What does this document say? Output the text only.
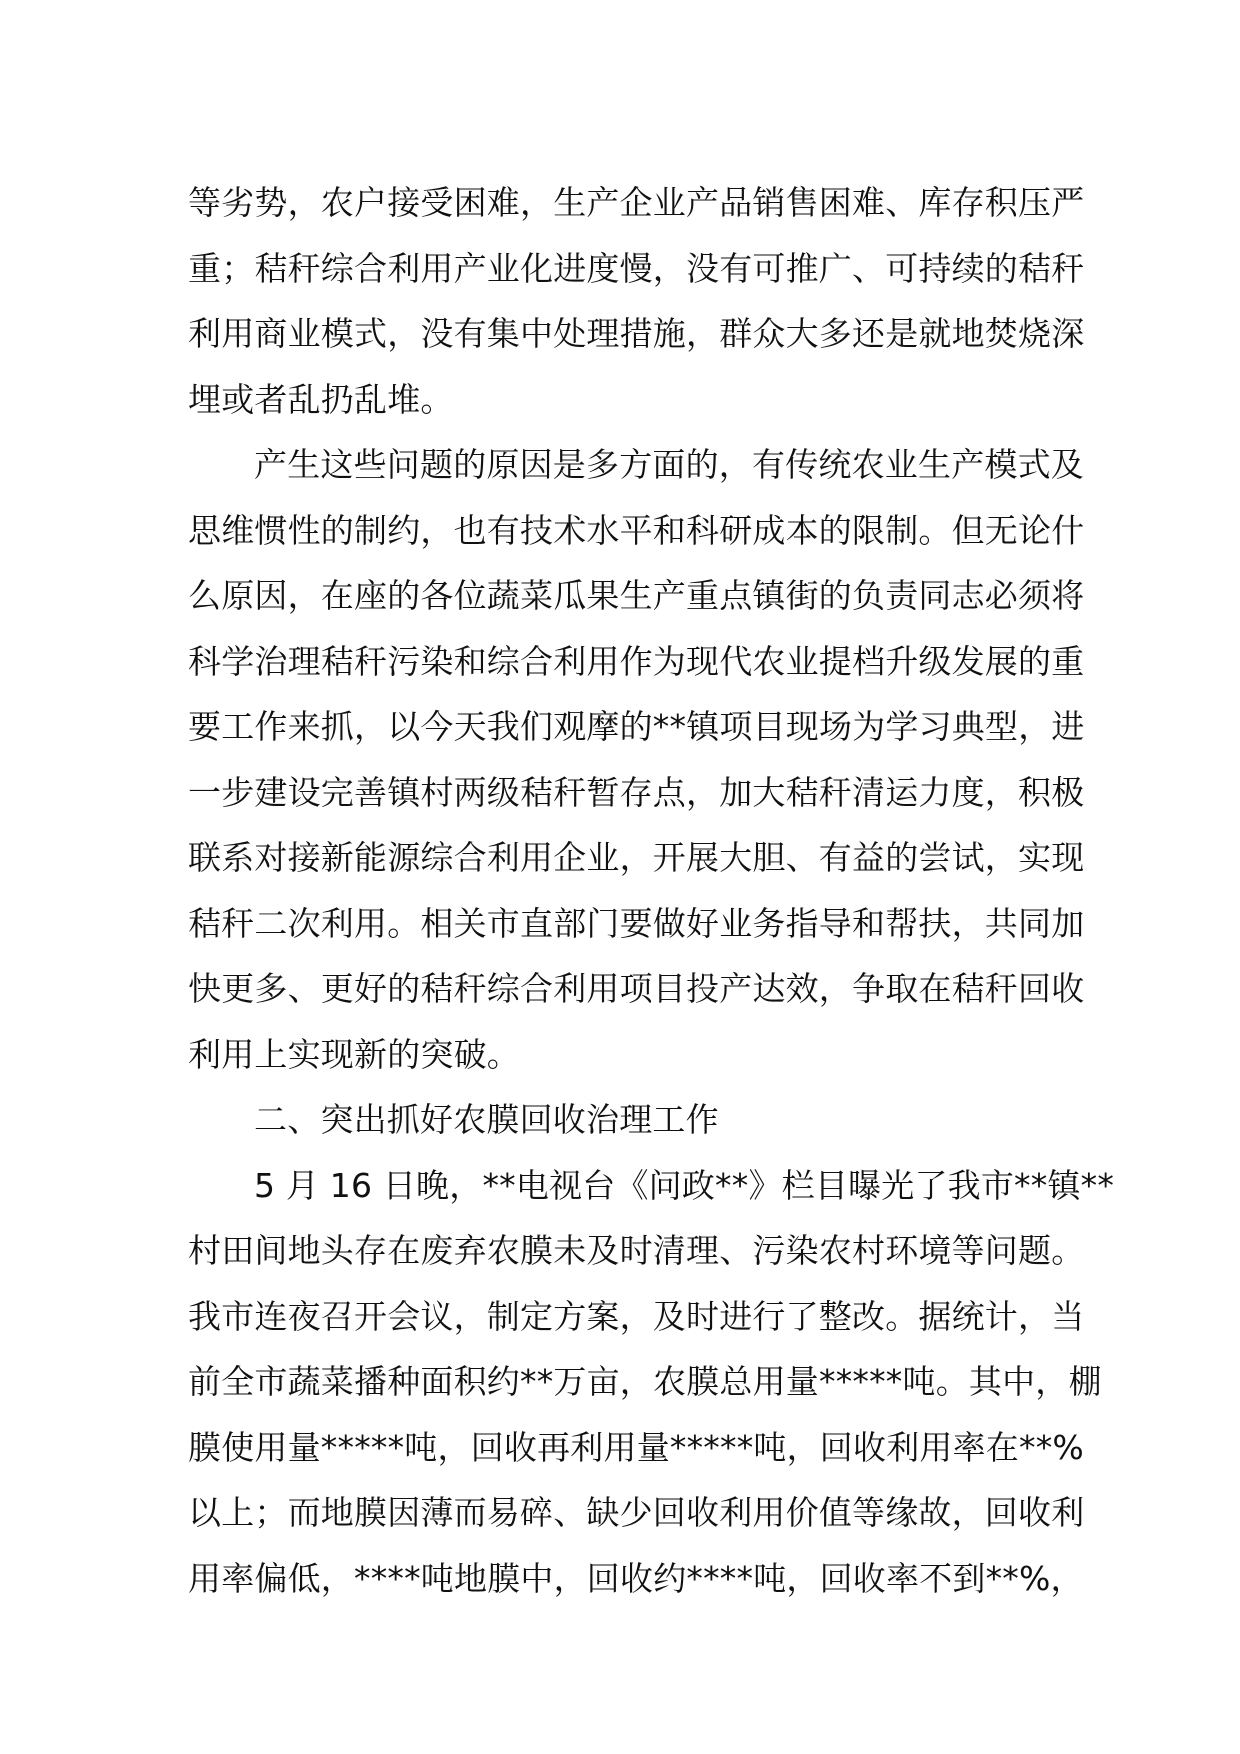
等劣势，农户接受困难，生产企业产品销售困难、库存积压严
重；秸秆综合利用产业化进度慢，没有可推广、可持续的秸秆
利用商业模式，没有集中处理措施，群众大多还是就地焚烧深
埋或者乱扔乱堆。
产生这些问题的原因是多方面的，有传统农业生产模式及
思维惯性的制约，也有技术水平和科研成本的限制。但无论什
么原因，在座的各位蔬菜瓜果生产重点镇街的负责同志必须将
科学治理秸秆污染和综合利用作为现代农业提档升级发展的重
要工作来抓，以今天我们观摩的**镇项目现场为学习典型，进
一步建设完善镇村两级秸秆暂存点，加大秸秆清运力度，积极
联系对接新能源综合利用企业，开展大胆、有益的尝试，实现
秸秆二次利用。相关市直部门要做好业务指导和帮扶，共同加
快更多、更好的秸秆综合利用项目投产达效，争取在秸秆回收
利用上实现新的突破。
二、突出抓好农膜回收治理工作
5 月 16 日晚，**电视台《问政**》栏目曝光了我市**镇**
村田间地头存在废弃农膜未及时清理、污染农村环境等问题。
我市连夜召开会议，制定方案，及时进行了整改。据统计，当
前全市蔬菜播种面积约**万亩，农膜总用量*****吨。其中，棚
膜使用量*****吨，回收再利用量*****吨，回收利用率在**%
以上；而地膜因薄而易碎、缺少回收利用价值等缘故，回收利
用率偏低，****吨地膜中，回收约****吨，回收率不到**%，
